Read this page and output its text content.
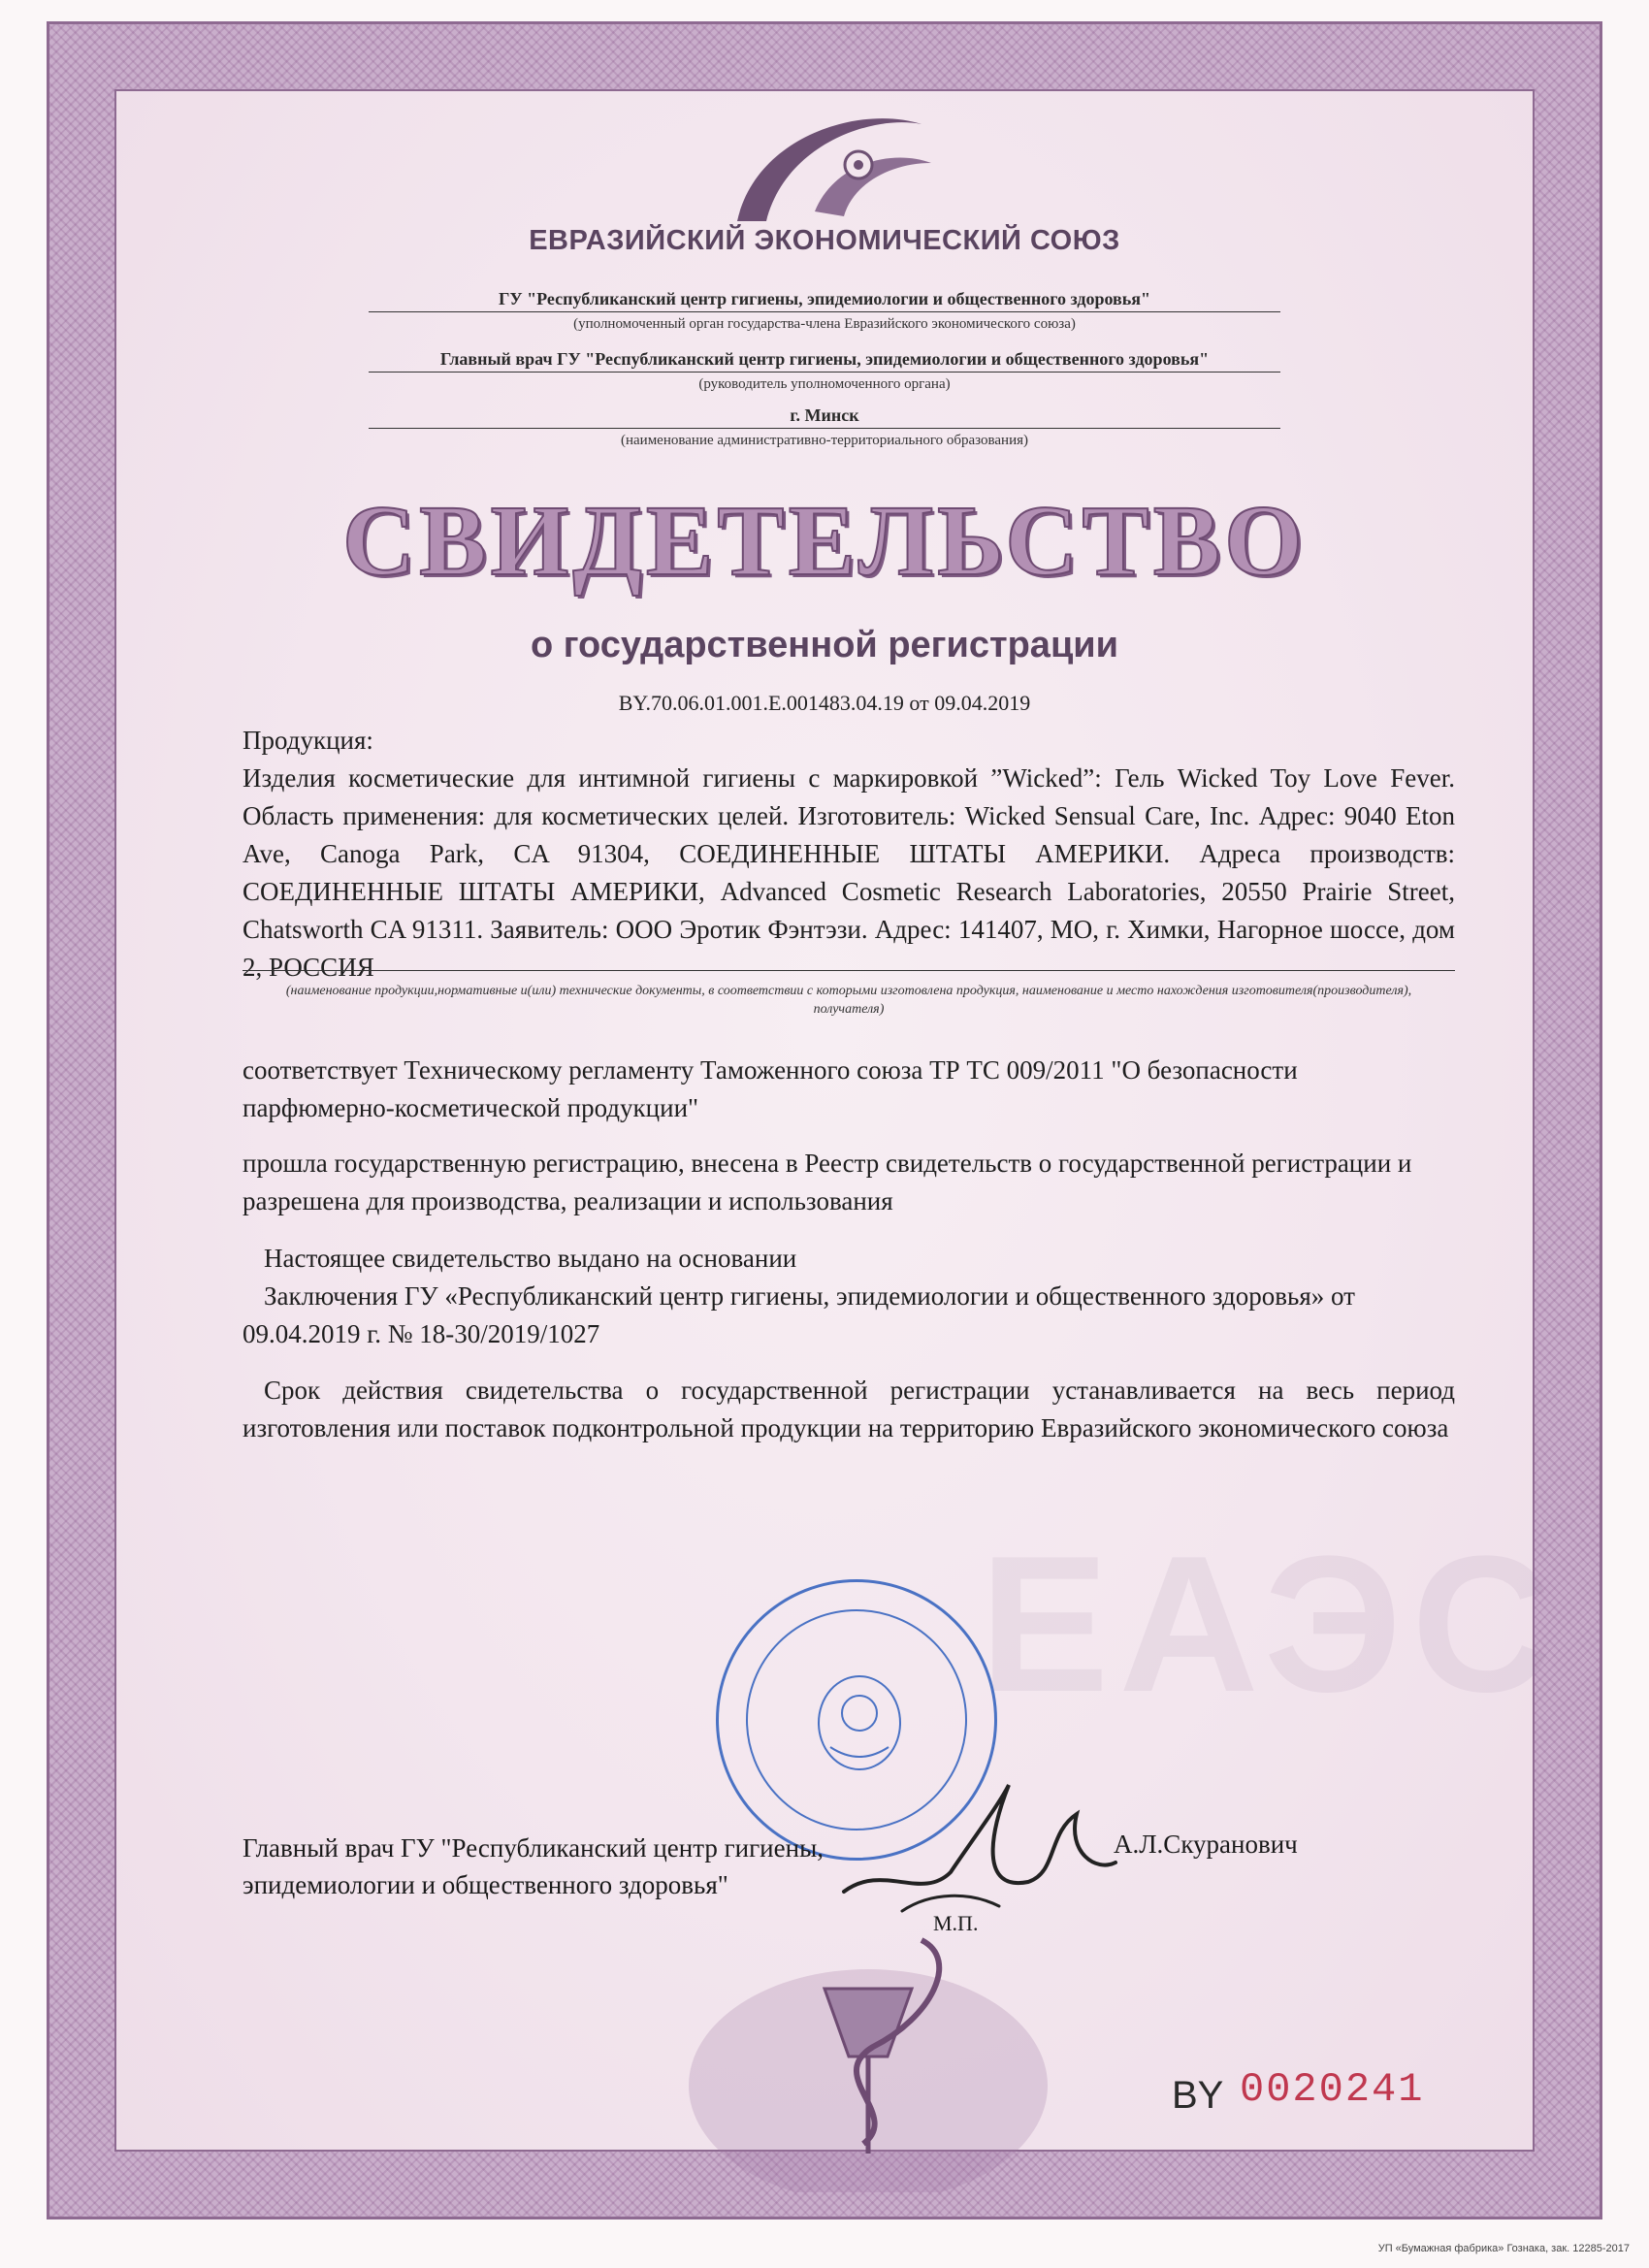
ЕАЭС
ЕВРАЗИЙСКИЙ ЭКОНОМИЧЕСКИЙ СОЮЗ
ГУ "Республиканский центр гигиены, эпидемиологии и общественного здоровья"
(уполномоченный орган государства-члена Евразийского экономического союза)
Главный врач ГУ "Республиканский центр гигиены, эпидемиологии и общественного здоровья"
(руководитель уполномоченного органа)
г. Минск
(наименование административно-территориального образования)
СВИДЕТЕЛЬСТВО
о государственной регистрации
BY.70.06.01.001.E.001483.04.19 от 09.04.2019
Продукция:
Изделия косметические для интимной гигиены с маркировкой ”Wicked”: Гель Wicked Toy Love Fever. Область применения: для косметических целей. Изготовитель: Wicked Sensual Care, Inc. Адрес: 9040 Eton Ave, Canoga Park, CA 91304, СОЕДИНЕННЫЕ ШТАТЫ АМЕРИКИ. Адреса производств: СОЕДИНЕННЫЕ ШТАТЫ АМЕРИКИ, Advanced Cosmetic Research Laboratories, 20550 Prairie Street, Chatsworth CA 91311. Заявитель: ООО Эротик Фэнтэзи. Адрес: 141407, МО, г. Химки, Нагорное шоссе, дом 2, РОССИЯ
(наименование продукции,нормативные и(или) технические документы, в соответствии с которыми изготовлена продукция, наименование и место нахождения изготовителя(производителя), получателя)
соответствует Техническому регламенту Таможенного союза ТР ТС 009/2011 "О безопасности парфюмерно-косметической продукции"
прошла государственную регистрацию, внесена в Реестр свидетельств о государственной регистрации и разрешена для производства, реализации и использования
Настоящее свидетельство выдано на основании
Заключения ГУ «Республиканский центр гигиены, эпидемиологии и общественного здоровья» от 09.04.2019 г. № 18-30/2019/1027
Срок действия свидетельства о государственной регистрации устанавливается на весь период изготовления или поставок подконтрольной продукции на территорию Евразийского экономического союза
Главный врач ГУ "Республиканский центр гигиены, эпидемиологии и общественного здоровья"
А.Л.Скуранович
М.П.
BY 0020241
УП «Бумажная фабрика» Гознака, зак. 12285-2017
